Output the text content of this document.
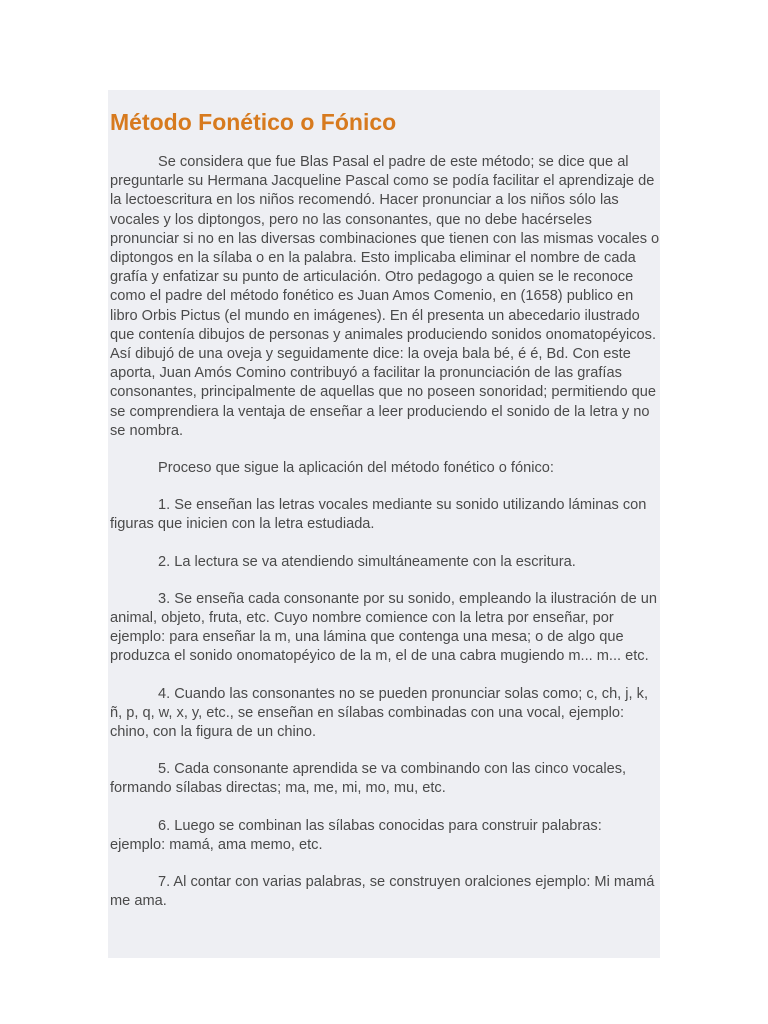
Método Fonético o Fónico

Se considera que fue Blas Pasal el padre de este método; se dice que al preguntarle su Hermana Jacqueline Pascal como se podía facilitar el aprendizaje de la lectoescritura en los niños recomendó. Hacer pronunciar a los niños sólo las vocales y los diptongos, pero no las consonantes, que no debe hacérseles pronunciar si no en las diversas combinaciones que tienen con las mismas vocales o diptongos en la sílaba o en la palabra. Esto implicaba eliminar el nombre de cada grafía y enfatizar su punto de articulación. Otro pedagogo a quien se le reconoce como el padre del método fonético es Juan Amos Comenio, en (1658) publico en libro Orbis Pictus (el mundo en imágenes). En él presenta un abecedario ilustrado que contenía dibujos de personas y animales produciendo sonidos onomatopéyicos. Así dibujó de una oveja y seguidamente dice: la oveja bala bé, é é, Bd. Con este aporta, Juan Amós Comino contribuyó a facilitar la pronunciación de las grafías consonantes, principalmente de aquellas que no poseen sonoridad; permitiendo que se comprendiera la ventaja de enseñar a leer produciendo el sonido de la letra y no se nombra.

Proceso que sigue la aplicación del método fonético o fónico:

1. Se enseñan las letras vocales mediante su sonido utilizando láminas con figuras que inicien con la letra estudiada.

2. La lectura se va atendiendo simultáneamente con la escritura.

3. Se enseña cada consonante por su sonido, empleando la ilustración de un animal, objeto, fruta, etc. Cuyo nombre comience con la letra por enseñar, por ejemplo: para enseñar la m, una lámina que contenga una mesa; o de algo que produzca el sonido onomatopéyico de la m, el de una cabra mugiendo m... m... etc.

4. Cuando las consonantes no se pueden pronunciar solas como; c, ch, j, k, ñ, p, q, w, x, y, etc., se enseñan en sílabas combinadas con una vocal, ejemplo: chino, con la figura de un chino.

5. Cada consonante aprendida se va combinando con las cinco vocales, formando sílabas directas; ma, me, mi, mo, mu, etc.

6. Luego se combinan las sílabas conocidas para construir palabras: ejemplo: mamá, ama memo, etc.

7. Al contar con varias palabras, se construyen oralciones ejemplo: Mi mamá me ama.
